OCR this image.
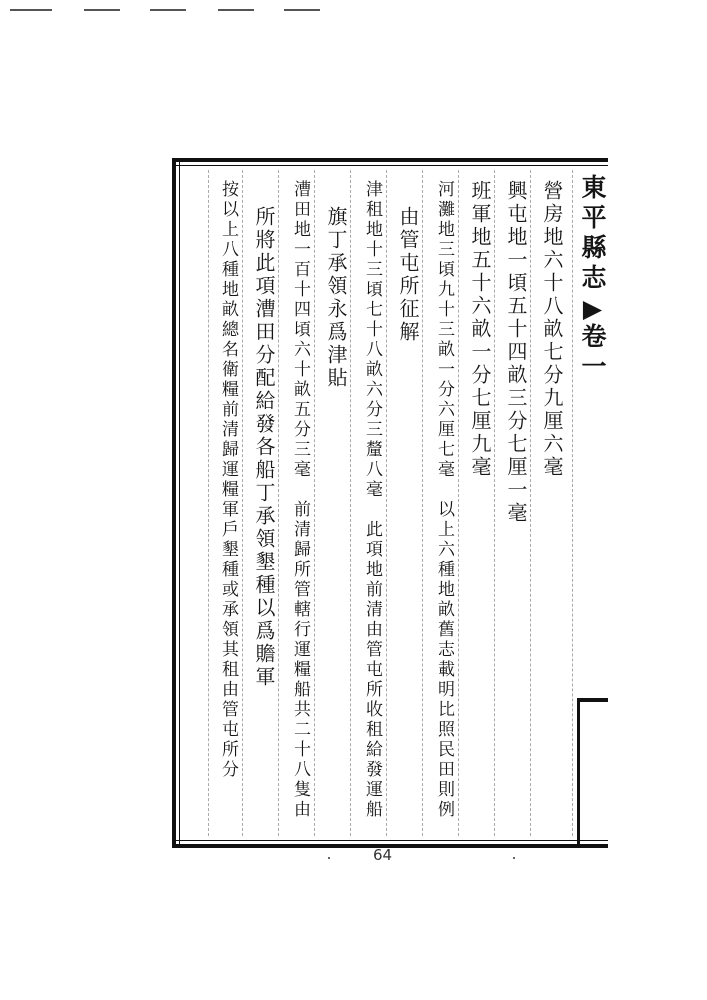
東平縣志▶卷一
營房地六十八畝七分九厘六毫
興屯地一頃五十四畝三分七厘一毫
班軍地五十六畝一分七厘九毫
河灘地三頃九十三畝一分六厘七毫　以上六種地畝舊志載明比照民田則例
由管屯所征解
津租地十三頃七十八畝六分三釐八毫　此項地前清由管屯所收租給發運船
旗丁承領永爲津貼
漕田地一百十四頃六十畝五分三毫　前清歸所管轄行運糧船共二十八隻由
所將此項漕田分配給發各船丁承領墾種以爲贍軍
按以上八種地畝總名衛糧前清歸運糧軍戶墾種或承領其租由管屯所分
64
